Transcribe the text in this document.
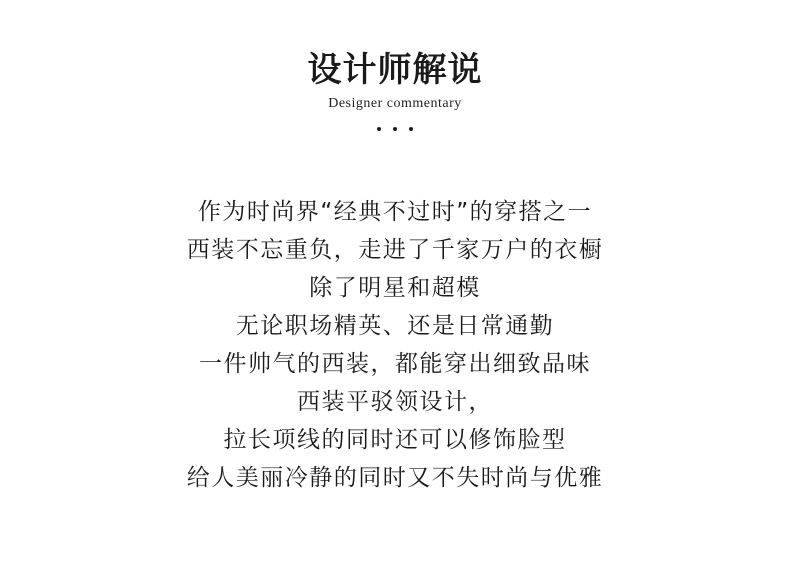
设计师解说
Designer commentary
作为时尚界“经典不过时”的穿搭之一
西装不忘重负，走进了千家万户的衣橱
除了明星和超模
无论职场精英、还是日常通勤
一件帅气的西装，都能穿出细致品味
西装平驳领设计，
拉长项线的同时还可以修饰脸型
给人美丽冷静的同时又不失时尚与优雅
